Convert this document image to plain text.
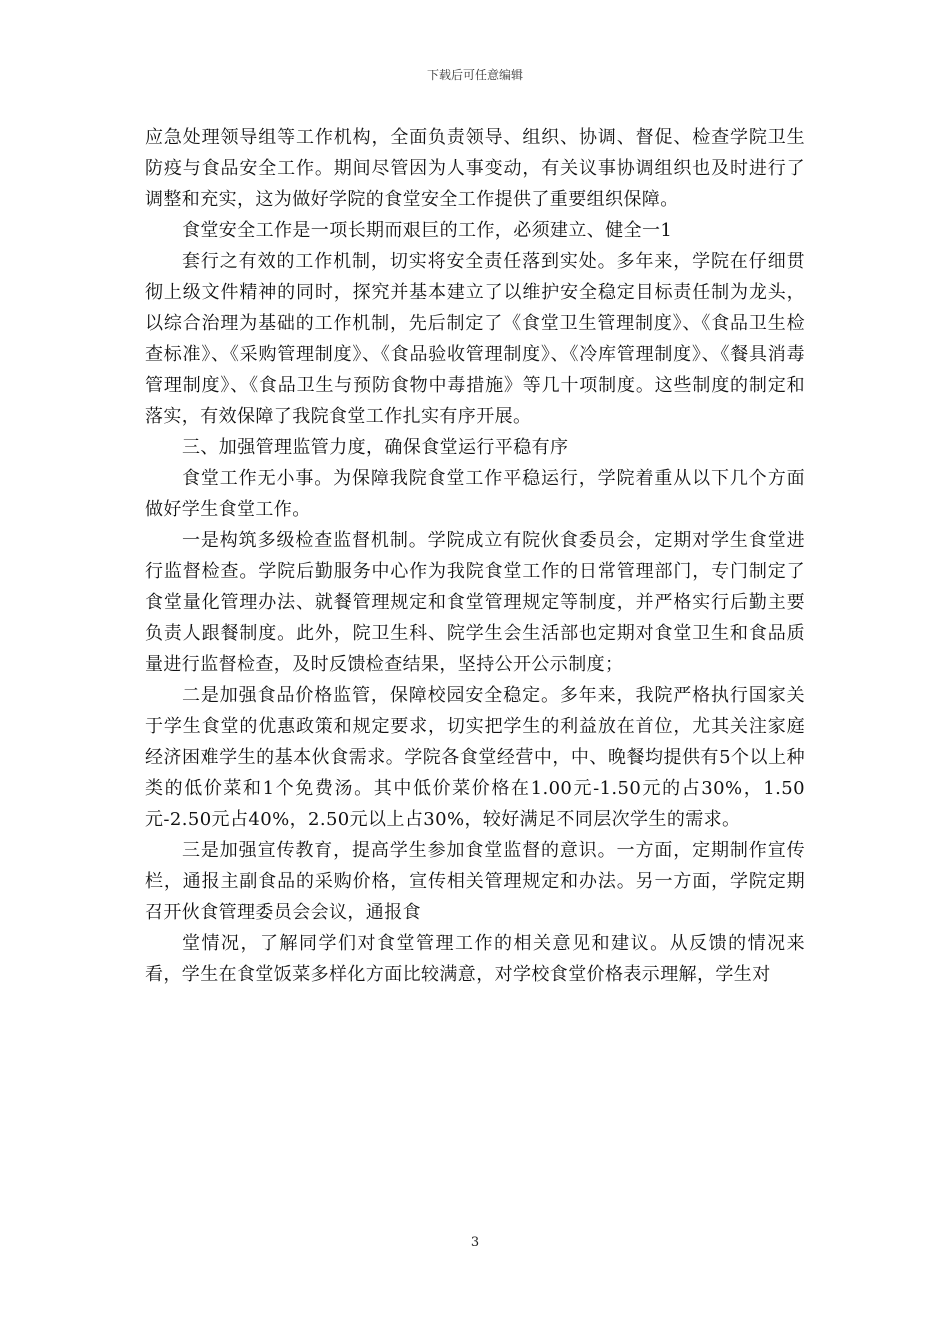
下载后可任意编辑

应急处理领导组等工作机构，全面负责领导、组织、协调、督促、检查学院卫生防疫与食品安全工作。期间尽管因为人事变动，有关议事协调组织也及时进行了调整和充实，这为做好学院的食堂安全工作提供了重要组织保障。

食堂安全工作是一项长期而艰巨的工作，必须建立、健全一1

套行之有效的工作机制，切实将安全责任落到实处。多年来，学院在仔细贯彻上级文件精神的同时，探究并基本建立了以维护安全稳定目标责任制为龙头，以综合治理为基础的工作机制，先后制定了《食堂卫生管理制度》、《食品卫生检查标准》、《采购管理制度》、《食品验收管理制度》、《冷库管理制度》、《餐具消毒管理制度》、《食品卫生与预防食物中毒措施》等几十项制度。这些制度的制定和落实，有效保障了我院食堂工作扎实有序开展。

三、加强管理监管力度，确保食堂运行平稳有序

食堂工作无小事。为保障我院食堂工作平稳运行，学院着重从以下几个方面做好学生食堂工作。

一是构筑多级检查监督机制。学院成立有院伙食委员会，定期对学生食堂进行监督检查。学院后勤服务中心作为我院食堂工作的日常管理部门，专门制定了食堂量化管理办法、就餐管理规定和食堂管理规定等制度，并严格实行后勤主要负责人跟餐制度。此外，院卫生科、院学生会生活部也定期对食堂卫生和食品质量进行监督检查，及时反馈检查结果，坚持公开公示制度；

二是加强食品价格监管，保障校园安全稳定。多年来，我院严格执行国家关于学生食堂的优惠政策和规定要求，切实把学生的利益放在首位，尤其关注家庭经济困难学生的基本伙食需求。学院各食堂经营中，中、晚餐均提供有5个以上种类的低价菜和1个免费汤。其中低价菜价格在1.00元-1.50元的占30%，1.50元-2.50元占40%，2.50元以上占30%，较好满足不同层次学生的需求。

三是加强宣传教育，提高学生参加食堂监督的意识。一方面，定期制作宣传栏，通报主副食品的采购价格，宣传相关管理规定和办法。另一方面，学院定期召开伙食管理委员会会议，通报食

堂情况，了解同学们对食堂管理工作的相关意见和建议。从反馈的情况来看，学生在食堂饭菜多样化方面比较满意，对学校食堂价格表示理解，学生对

3
